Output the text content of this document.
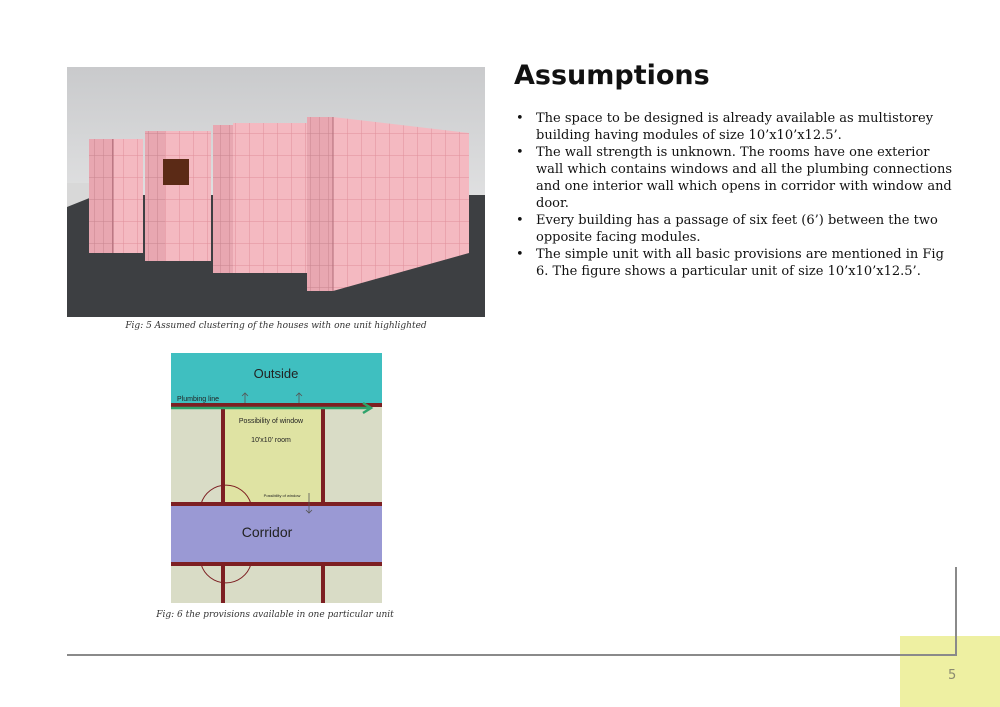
Fig: 5 Assumed clustering of the houses with one unit highlighted
Outside
Plumbing line
Possibility of window
10'x10' room
Possibility of window
Corridor
Fig: 6 the provisions available in one particular unit
Assumptions
• The space to be designed is already available as multistorey building having modules of size 10’x10’x12.5’.
• The wall strength is unknown. The rooms have one exterior wall which contains windows and all the plumbing connections and one interior wall which opens in corridor with window and door.
• Every building has a passage of six feet (6’) between the two opposite facing modules.
• The simple unit with all basic provisions are mentioned in Fig 6. The figure shows a particular unit of size 10’x10’x12.5’.
5
